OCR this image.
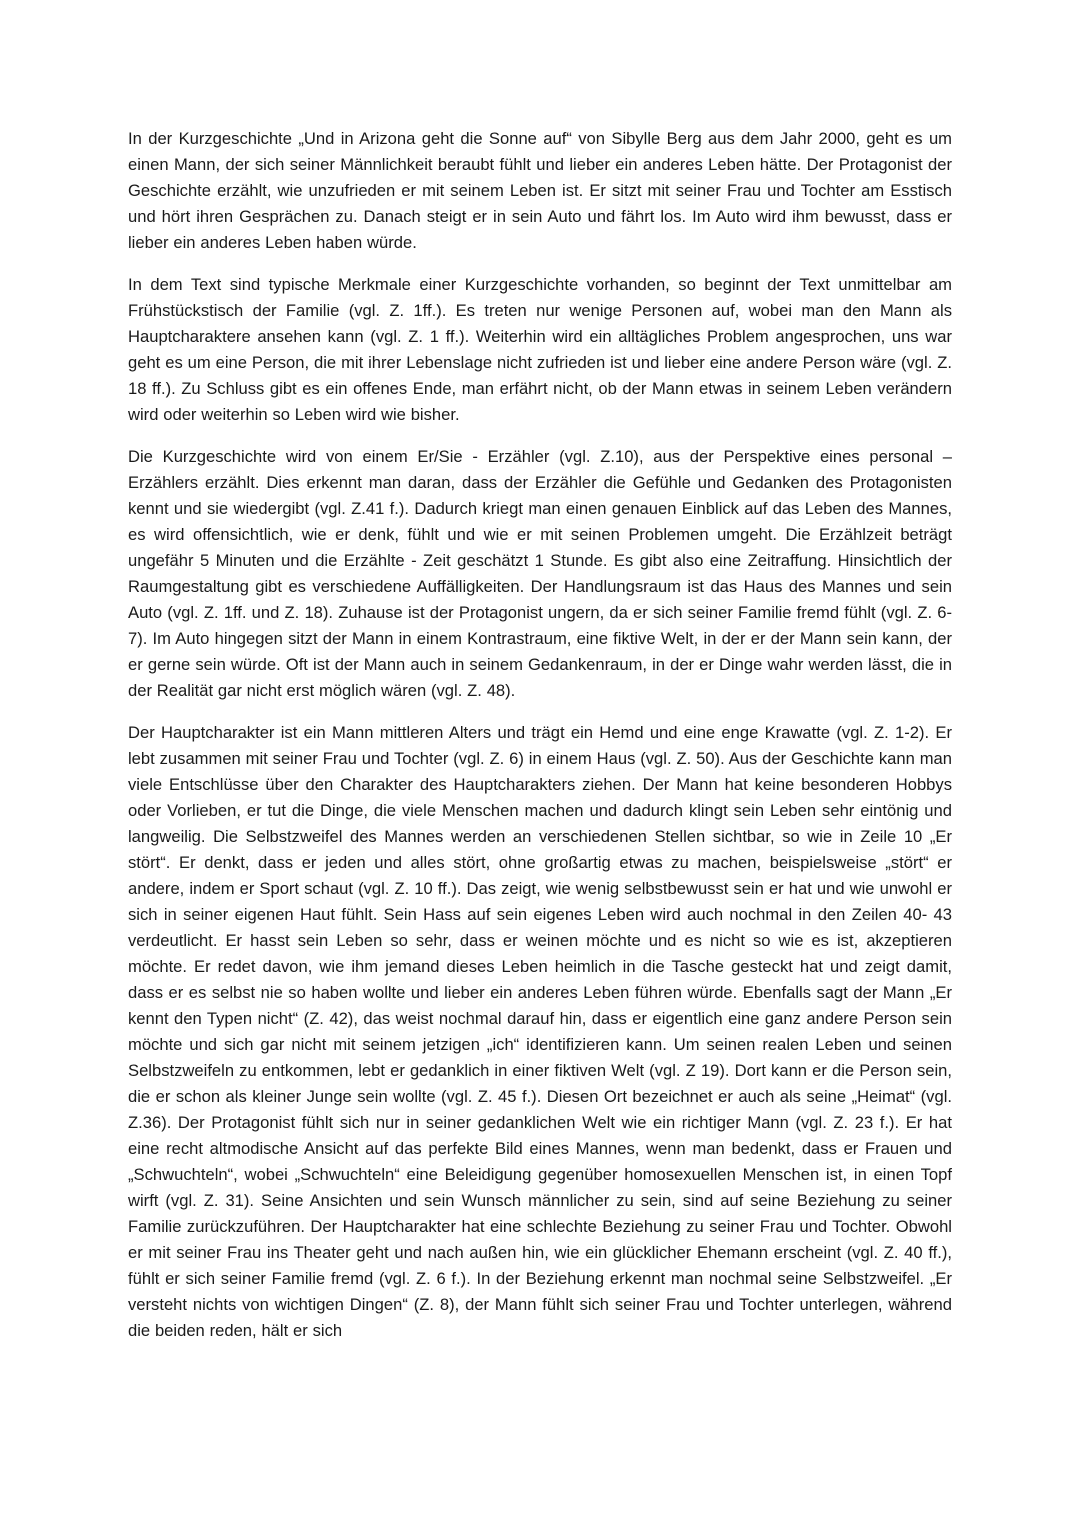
In der Kurzgeschichte „Und in Arizona geht die Sonne auf“ von Sibylle Berg aus dem Jahr 2000, geht es um einen Mann, der sich seiner Männlichkeit beraubt fühlt und lieber ein anderes Leben hätte. Der Protagonist der Geschichte erzählt, wie unzufrieden er mit seinem Leben ist. Er sitzt mit seiner Frau und Tochter am Esstisch und hört ihren Gesprächen zu. Danach steigt er in sein Auto und fährt los. Im Auto wird ihm bewusst, dass er lieber ein anderes Leben haben würde.

In dem Text sind typische Merkmale einer Kurzgeschichte vorhanden, so beginnt der Text unmittelbar am Frühstückstisch der Familie (vgl. Z. 1ff.). Es treten nur wenige Personen auf, wobei man den Mann als Hauptcharaktere ansehen kann (vgl. Z. 1 ff.). Weiterhin wird ein alltägliches Problem angesprochen, uns war geht es um eine Person, die mit ihrer Lebenslage nicht zufrieden ist und lieber eine andere Person wäre (vgl. Z. 18 ff.). Zu Schluss gibt es ein offenes Ende, man erfährt nicht, ob der Mann etwas in seinem Leben verändern wird oder weiterhin so Leben wird wie bisher.

Die Kurzgeschichte wird von einem Er/Sie - Erzähler (vgl. Z.10), aus der Perspektive eines personal – Erzählers erzählt. Dies erkennt man daran, dass der Erzähler die Gefühle und Gedanken des Protagonisten kennt und sie wiedergibt (vgl. Z.41 f.). Dadurch kriegt man einen genauen Einblick auf das Leben des Mannes, es wird offensichtlich, wie er denk, fühlt und wie er mit seinen Problemen umgeht. Die Erzählzeit beträgt ungefähr 5 Minuten und die Erzählte - Zeit geschätzt 1 Stunde. Es gibt also eine Zeitraffung. Hinsichtlich der Raumgestaltung gibt es verschiedene Auffälligkeiten. Der Handlungsraum ist das Haus des Mannes und sein Auto (vgl. Z. 1ff. und Z. 18). Zuhause ist der Protagonist ungern, da er sich seiner Familie fremd fühlt (vgl. Z. 6-7). Im Auto hingegen sitzt der Mann in einem Kontrastraum, eine fiktive Welt, in der er der Mann sein kann, der er gerne sein würde. Oft ist der Mann auch in seinem Gedankenraum, in der er Dinge wahr werden lässt, die in der Realität gar nicht erst möglich wären (vgl. Z. 48).

Der Hauptcharakter ist ein Mann mittleren Alters und trägt ein Hemd und eine enge Krawatte (vgl. Z. 1-2). Er lebt zusammen mit seiner Frau und Tochter (vgl. Z. 6) in einem Haus (vgl. Z. 50). Aus der Geschichte kann man viele Entschlüsse über den Charakter des Hauptcharakters ziehen. Der Mann hat keine besonderen Hobbys oder Vorlieben, er tut die Dinge, die viele Menschen machen und dadurch klingt sein Leben sehr eintönig und langweilig. Die Selbstzweifel des Mannes werden an verschiedenen Stellen sichtbar, so wie in Zeile 10 „Er stört“. Er denkt, dass er jeden und alles stört, ohne großartig etwas zu machen, beispielsweise „stört“ er andere, indem er Sport schaut (vgl. Z. 10 ff.). Das zeigt, wie wenig selbstbewusst sein er hat und wie unwohl er sich in seiner eigenen Haut fühlt. Sein Hass auf sein eigenes Leben wird auch nochmal in den Zeilen 40- 43 verdeutlicht. Er hasst sein Leben so sehr, dass er weinen möchte und es nicht so wie es ist, akzeptieren möchte. Er redet davon, wie ihm jemand dieses Leben heimlich in die Tasche gesteckt hat und zeigt damit, dass er es selbst nie so haben wollte und lieber ein anderes Leben führen würde. Ebenfalls sagt der Mann „Er kennt den Typen nicht“ (Z. 42), das weist nochmal darauf hin, dass er eigentlich eine ganz andere Person sein möchte und sich gar nicht mit seinem jetzigen „ich“ identifizieren kann. Um seinen realen Leben und seinen Selbstzweifeln zu entkommen, lebt er gedanklich in einer fiktiven Welt (vgl. Z 19). Dort kann er die Person sein, die er schon als kleiner Junge sein wollte (vgl. Z. 45 f.). Diesen Ort bezeichnet er auch als seine „Heimat“ (vgl. Z.36). Der Protagonist fühlt sich nur in seiner gedanklichen Welt wie ein richtiger Mann (vgl. Z. 23 f.). Er hat eine recht altmodische Ansicht auf das perfekte Bild eines Mannes, wenn man bedenkt, dass er Frauen und „Schwuchteln“, wobei „Schwuchteln“ eine Beleidigung gegenüber homosexuellen Menschen ist, in einen Topf wirft (vgl. Z. 31). Seine Ansichten und sein Wunsch männlicher zu sein, sind auf seine Beziehung zu seiner Familie zurückzuführen. Der Hauptcharakter hat eine schlechte Beziehung zu seiner Frau und Tochter. Obwohl er mit seiner Frau ins Theater geht und nach außen hin, wie ein glücklicher Ehemann erscheint (vgl. Z. 40 ff.), fühlt er sich seiner Familie fremd (vgl. Z. 6 f.). In der Beziehung erkennt man nochmal seine Selbstzweifel. „Er versteht nichts von wichtigen Dingen“ (Z. 8), der Mann fühlt sich seiner Frau und Tochter unterlegen, während die beiden reden, hält er sich
